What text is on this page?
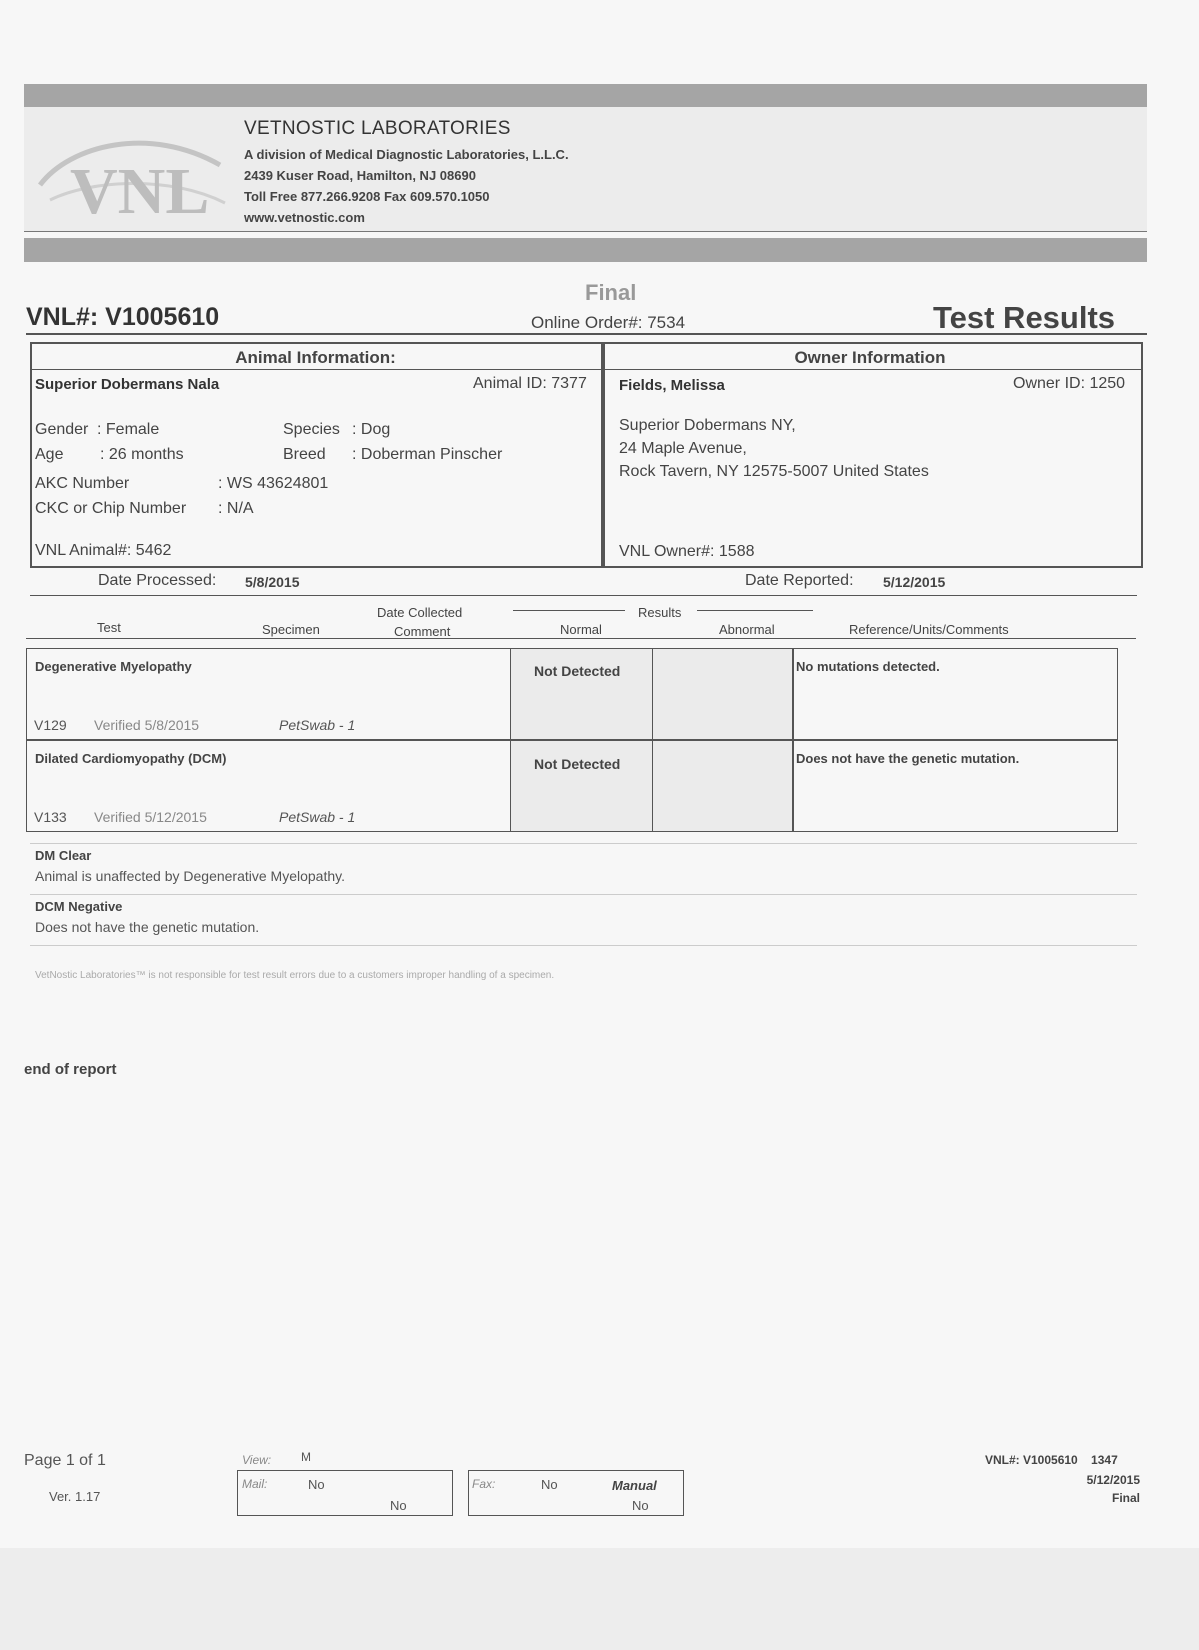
VNL
VETNOSTIC LABORATORIES
A division of Medical Diagnostic Laboratories, L.L.C.
2439 Kuser Road, Hamilton, NJ 08690
Toll Free 877.266.9208 Fax 609.570.1050
www.vetnostic.com
Final
VNL#: V1005610	Online Order#: 7534	Test Results
Animal Information:	Owner Information
Superior Dobermans Nala	Animal ID: 7377
Gender : Female
Age : 26 months
Species : Dog
Breed : Doberman Pinscher
AKC Number	: WS 43624801
CKC or Chip Number : N/A
VNL Animal#: 5462
Fields, Melissa	Owner ID: 1250
Superior Dobermans NY,
24 Maple Avenue,
Rock Tavern, NY 12575-5007 United States
VNL Owner#: 1588
Date Processed: 5/8/2015	Date Reported: 5/12/2015
Test	Specimen
Date Collected
Comment
Results
Normal	Abnormal	Reference/Units/Comments
Degenerative Myelopathy
V129 Verified 5/8/2015	PetSwab - 1
Not Detected	No mutations detected.
Dilated Cardiomyopathy (DCM)
V133 Verified 5/12/2015	PetSwab - 1
Not Detected	Does not have the genetic mutation.
DM Clear
Animal is unaffected by Degenerative Myelopathy.
DCM Negative
Does not have the genetic mutation.
VetNostic Laboratories™ is not responsible for test result errors due to a customers improper handling of a specimen.
end of report
Page 1 of 1
Ver. 1.17
View: M
Mail:	No
No
Fax:	No	Manual
No
VNL#: V1005610    1347
5/12/2015
Final
